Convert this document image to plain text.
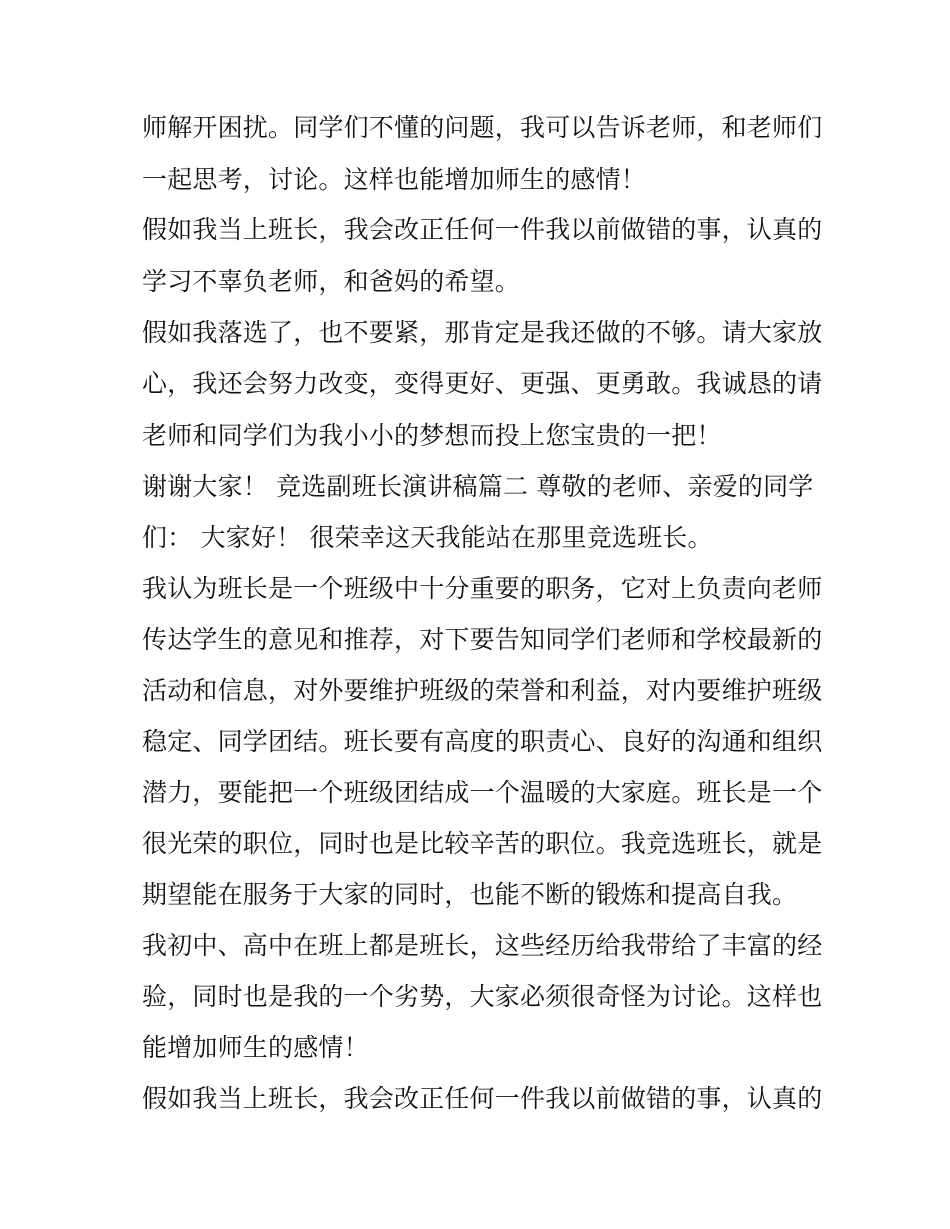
师解开困扰。同学们不懂的问题，我可以告诉老师，和老师们
一起思考，讨论。这样也能增加师生的感情！
假如我当上班长，我会改正任何一件我以前做错的事，认真的
学习不辜负老师，和爸妈的希望。
假如我落选了，也不要紧，那肯定是我还做的不够。请大家放
心，我还会努力改变，变得更好、更强、更勇敢。我诚恳的请
老师和同学们为我小小的梦想而投上您宝贵的一把！
谢谢大家！ 竞选副班长演讲稿篇二 尊敬的老师、亲爱的同学
们： 大家好！ 很荣幸这天我能站在那里竞选班长。
我认为班长是一个班级中十分重要的职务，它对上负责向老师
传达学生的意见和推荐，对下要告知同学们老师和学校最新的
活动和信息，对外要维护班级的荣誉和利益，对内要维护班级
稳定、同学团结。班长要有高度的职责心、良好的沟通和组织
潜力，要能把一个班级团结成一个温暖的大家庭。班长是一个
很光荣的职位，同时也是比较辛苦的职位。我竞选班长，就是
期望能在服务于大家的同时，也能不断的锻炼和提高自我。
我初中、高中在班上都是班长，这些经历给我带给了丰富的经
验，同时也是我的一个劣势，大家必须很奇怪为讨论。这样也
能增加师生的感情！
假如我当上班长，我会改正任何一件我以前做错的事，认真的
